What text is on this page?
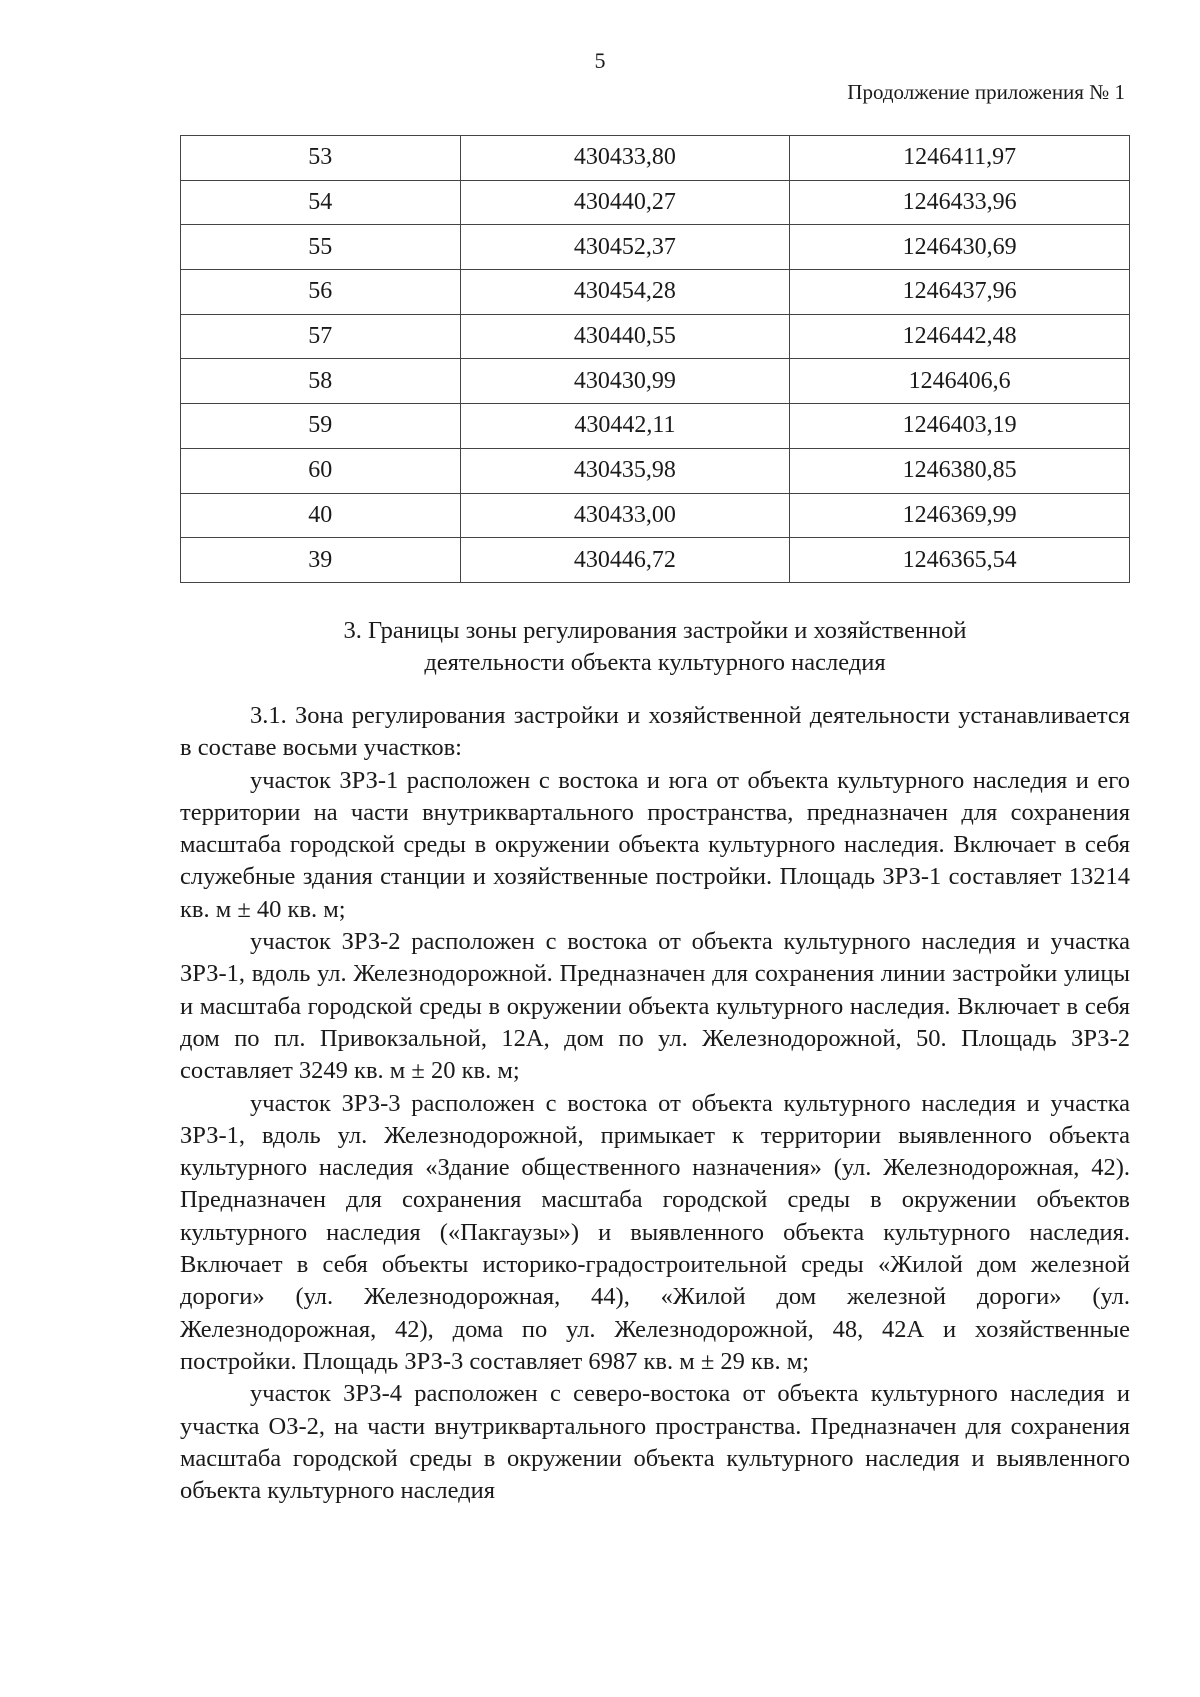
5
Продолжение приложения № 1
53	430433,80	1246411,97
54	430440,27	1246433,96
55	430452,37	1246430,69
56	430454,28	1246437,96
57	430440,55	1246442,48
58	430430,99	1246406,6
59	430442,11	1246403,19
60	430435,98	1246380,85
40	430433,00	1246369,99
39	430446,72	1246365,54
3. Границы зоны регулирования застройки и хозяйственной
деятельности объекта культурного наследия

3.1. Зона регулирования застройки и хозяйственной деятельности устанавливается в составе восьми участков:

участок ЗРЗ-1 расположен с востока и юга от объекта культурного наследия и его территории на части внутриквартального пространства, предназначен для сохранения масштаба городской среды в окружении объекта культурного наследия. Включает в себя служебные здания станции и хозяйственные постройки. Площадь ЗРЗ-1 составляет 13214 кв. м ± 40 кв. м;

участок ЗРЗ-2 расположен с востока от объекта культурного наследия и участка ЗРЗ-1, вдоль ул. Железнодорожной. Предназначен для сохранения линии застройки улицы и масштаба городской среды в окружении объекта культурного наследия. Включает в себя дом по пл. Привокзальной, 12А, дом по ул. Железнодорожной, 50. Площадь ЗРЗ-2 составляет 3249 кв. м ± 20 кв. м;

участок ЗРЗ-3 расположен с востока от объекта культурного наследия и участка ЗРЗ-1, вдоль ул. Железнодорожной, примыкает к территории выявленного объекта культурного наследия «Здание общественного назначения» (ул. Железнодорожная, 42). Предназначен для сохранения масштаба городской среды в окружении объектов культурного наследия («Пакгаузы») и выявленного объекта культурного наследия. Включает в себя объекты историко-градостроительной среды «Жилой дом железной дороги» (ул. Железнодорожная, 44), «Жилой дом железной дороги» (ул. Железнодорожная, 42), дома по ул. Железнодорожной, 48, 42А и хозяйственные постройки. Площадь ЗРЗ-3 составляет 6987 кв. м ± 29 кв. м;

участок ЗРЗ-4 расположен с северо-востока от объекта культурного наследия и участка ОЗ-2, на части внутриквартального пространства. Предназначен для сохранения масштаба городской среды в окружении объекта культурного наследия и выявленного объекта культурного наследия
